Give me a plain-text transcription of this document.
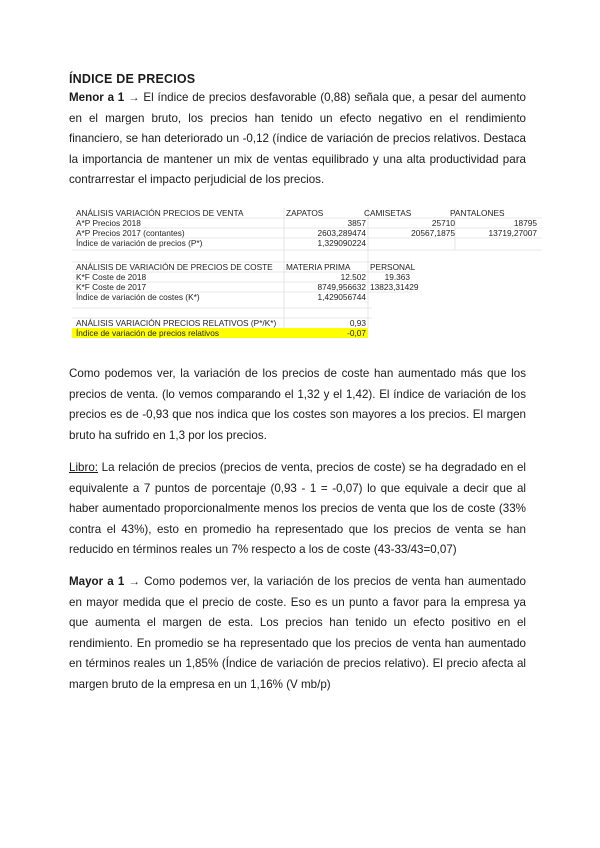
ÍNDICE DE PRECIOS

Menor a 1 → El índice de precios desfavorable (0,88) señala que, a pesar del aumento en el margen bruto, los precios han tenido un efecto negativo en el rendimiento financiero, se han deteriorado un -0,12 (índice de variación de precios relativos. Destaca la importancia de mantener un mix de ventas equilibrado y una alta productividad para contrarrestar el impacto perjudicial de los precios.

ANÁLISIS VARIACIÓN PRECIOS DE VENTA	ZAPATOS	CAMISETAS	PANTALONES
A*P Precios 2018	3857	25710	18795
A*P Precios 2017 (contantes)	2603,289474	20567,1875	13719,27007
Índice de variación de precios (P*)	1,329090224
ANÁLISIS DE VARIACIÓN DE PRECIOS DE COSTE	MATERIA PRIMA	PERSONAL
K*F Coste de 2018	12.502	19.363
K*F Coste de 2017	8749,956632 13823,31429
Índice de variación de costes (K*)	1,429056744
ANÁLISIS VARIACIÓN PRECIOS RELATIVOS (P*/K*)	0,93
Índice de variación de precios relativos	-0,07

Como podemos ver, la variación de los precios de coste han aumentado más que los precios de venta. (lo vemos comparando el 1,32 y el 1,42). El índice de variación de los precios es de -0,93 que nos indica que los costes son mayores a los precios. El margen bruto ha sufrido en 1,3 por los precios.

Libro: La relación de precios (precios de venta, precios de coste) se ha degradado en el equivalente a 7 puntos de porcentaje (0,93 - 1 = -0,07) lo que equivale a decir que al haber aumentado proporcionalmente menos los precios de venta que los de coste (33% contra el 43%), esto en promedio ha representado que los precios de venta se han reducido en términos reales un 7% respecto a los de coste (43-33/43=0,07)

Mayor a 1 → Como podemos ver, la variación de los precios de venta han aumentado en mayor medida que el precio de coste. Eso es un punto a favor para la empresa ya que aumenta el margen de esta. Los precios han tenido un efecto positivo en el rendimiento. En promedio se ha representado que los precios de venta han aumentado en términos reales un 1,85% (Índice de variación de precios relativo). El precio afecta al margen bruto de la empresa en un 1,16% (V mb/p)
